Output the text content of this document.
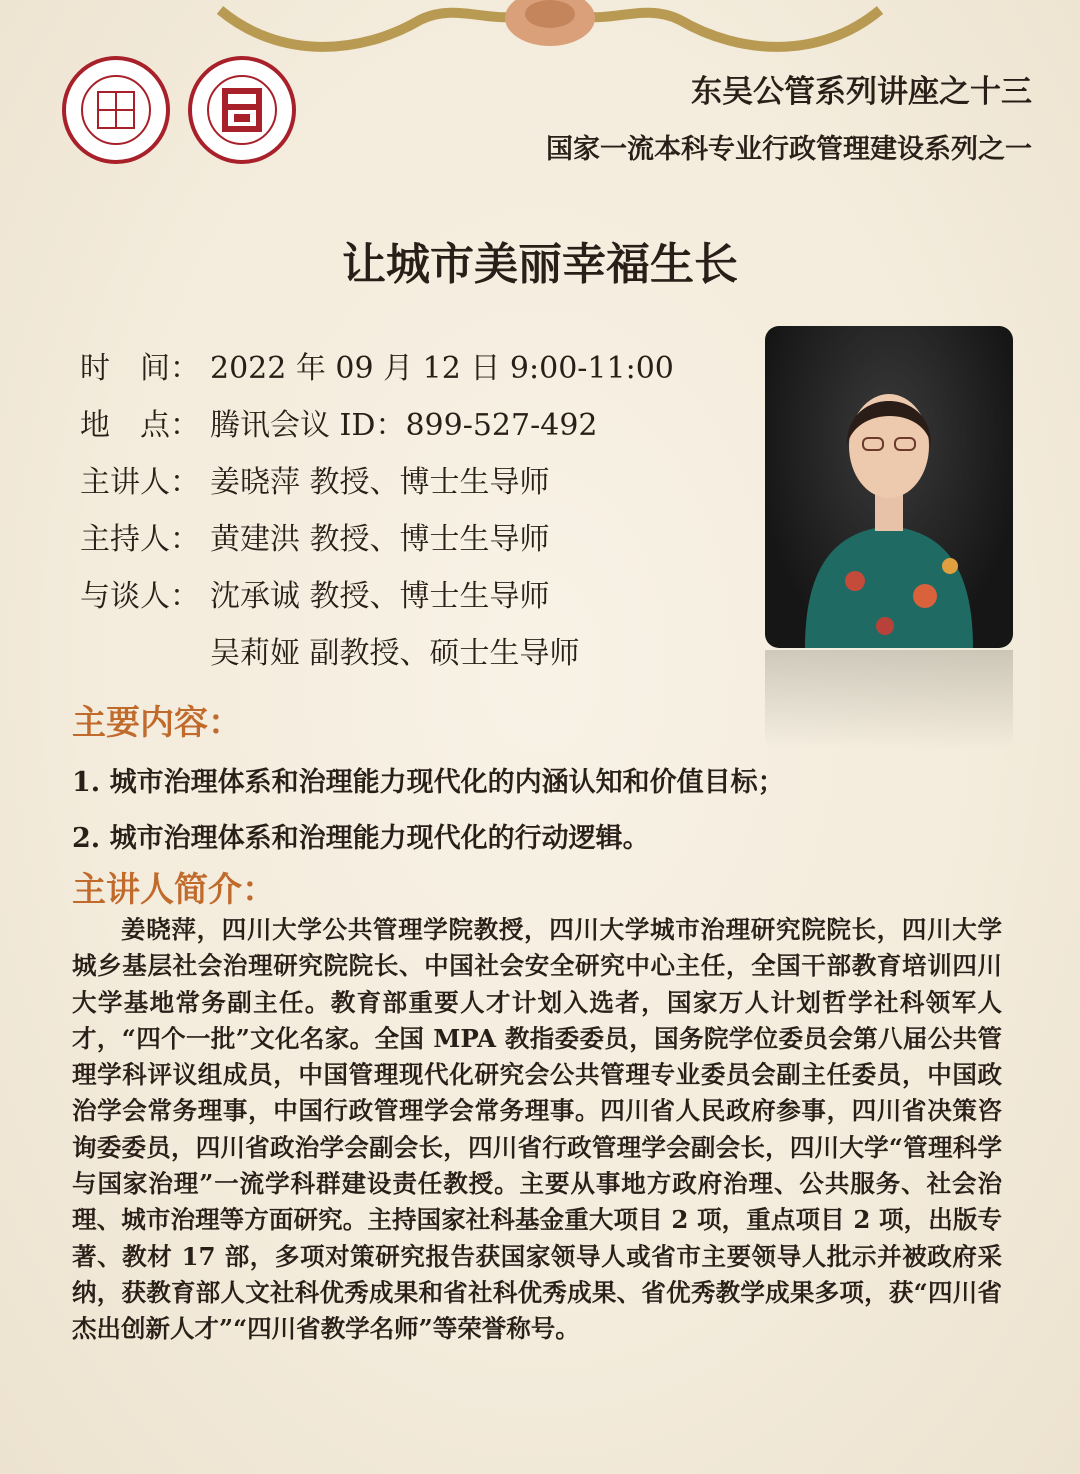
东吴公管系列讲座之十三
国家一流本科专业行政管理建设系列之一
让城市美丽幸福生长
时　间： 2022 年 09 月 12 日 9:00-11:00
地　点： 腾讯会议 ID：899-527-492
主讲人： 姜晓萍 教授、博士生导师
主持人： 黄建洪 教授、博士生导师
与谈人： 沈承诚 教授、博士生导师
吴莉娅 副教授、硕士生导师
主要内容：
1. 城市治理体系和治理能力现代化的内涵认知和价值目标；
2. 城市治理体系和治理能力现代化的行动逻辑。
主讲人简介：
姜晓萍，四川大学公共管理学院教授，四川大学城市治理研究院院长，四川大学城乡基层社会治理研究院院长、中国社会安全研究中心主任，全国干部教育培训四川大学基地常务副主任。教育部重要人才计划入选者，国家万人计划哲学社科领军人才，“四个一批”文化名家。全国 MPA 教指委委员，国务院学位委员会第八届公共管理学科评议组成员，中国管理现代化研究会公共管理专业委员会副主任委员，中国政治学会常务理事，中国行政管理学会常务理事。四川省人民政府参事，四川省决策咨询委委员，四川省政治学会副会长，四川省行政管理学会副会长，四川大学“管理科学与国家治理”一流学科群建设责任教授。主要从事地方政府治理、公共服务、社会治理、城市治理等方面研究。主持国家社科基金重大项目 2 项，重点项目 2 项，出版专著、教材 17 部，多项对策研究报告获国家领导人或省市主要领导人批示并被政府采纳，获教育部人文社科优秀成果和省社科优秀成果、省优秀教学成果多项，获“四川省杰出创新人才”“四川省教学名师”等荣誉称号。
